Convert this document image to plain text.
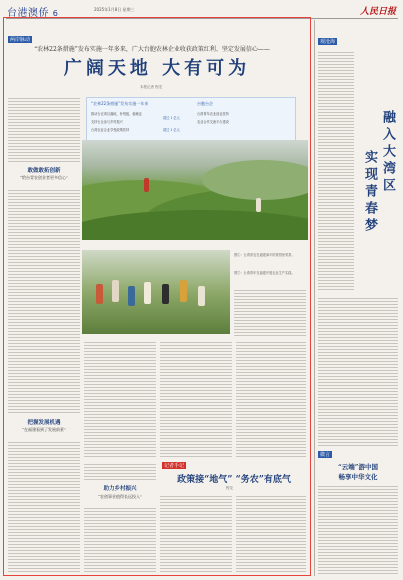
台港澳侨 6	2025年1月8日 星期三	人民日报
两岸脉动
“农林22条措施”发布实施一年多来，广大台胞农林企业收获政策红利、坚定发展信心——
广阔天地 大有可为
本报记者 程龙
“农林22条措施”发布实施一年来
推动台农项目落地，补短板，稳就业
支持台企参与乡村振兴
台湾农业企业享受政策扶持
超过 1 亿元
超过 1 亿元
台胞台企
台湾青年农业创业扶持
农业合作交流平台建设
敢做敢拓创新
“给台青农创业者更多信心”
图①：台湾茶农在福建漳平的茶园里采茶。
图②：台湾青年在福建开展农业生产实践。
把握发展机遇
“在福建看到了发展前景”
助力乡村振兴
“农创事业值得长远投入”
记者手记
政策接“地气” “务农”有底气
程龙
观沧海
融入大湾区
实现青春梦
微言
“云端”游中国
畅享中华文化
